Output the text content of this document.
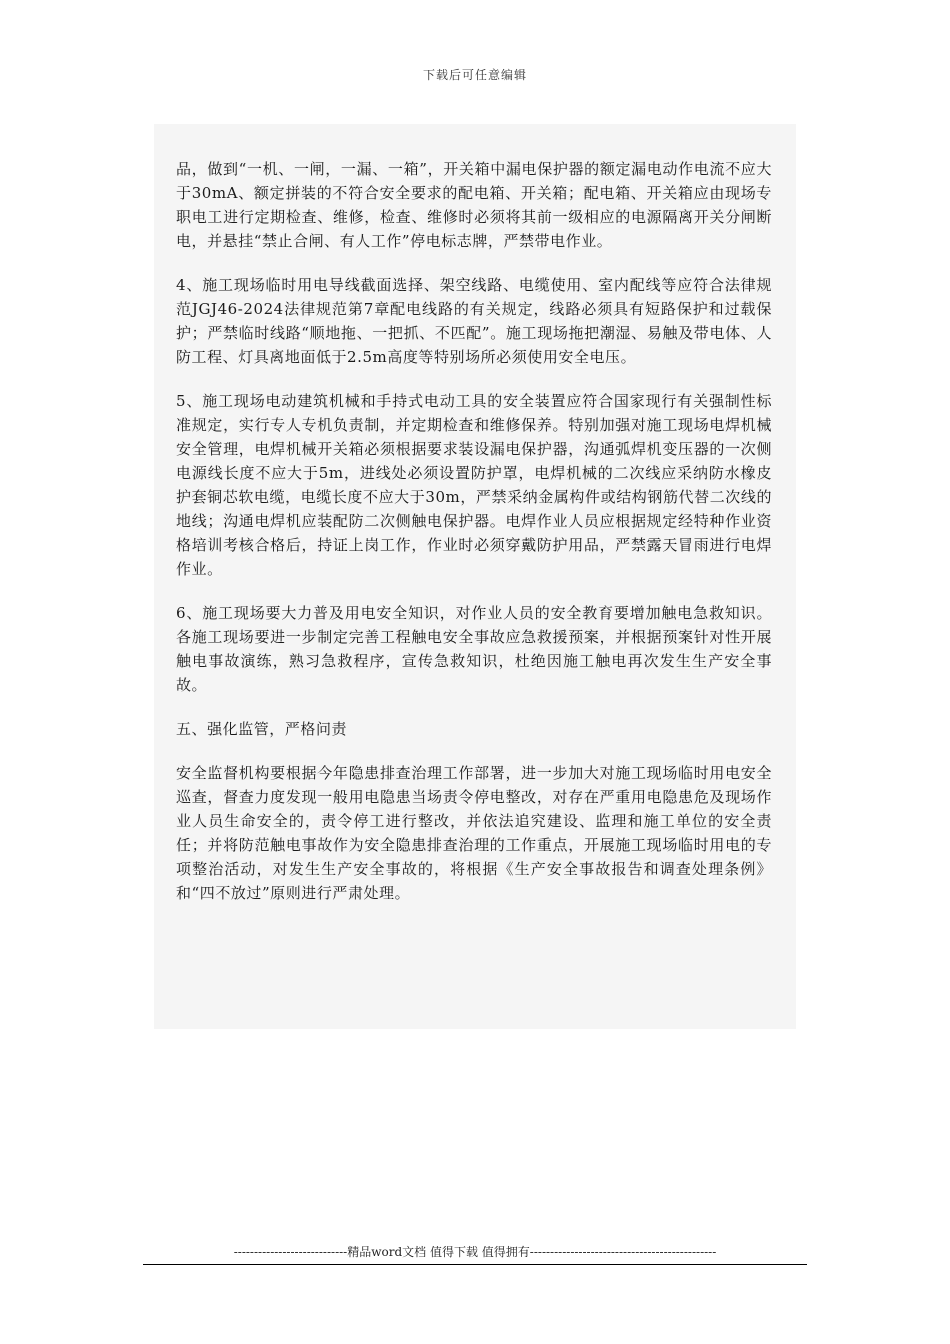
下载后可任意编辑

品，做到“一机、一闸，一漏、一箱”，开关箱中漏电保护器的额定漏电动作电流不应大于30mA、额定拼装的不符合安全要求的配电箱、开关箱；配电箱、开关箱应由现场专职电工进行定期检查、维修，检查、维修时必须将其前一级相应的电源隔离开关分闸断电，并悬挂“禁止合闸、有人工作”停电标志牌，严禁带电作业。

4、施工现场临时用电导线截面选择、架空线路、电缆使用、室内配线等应符合法律规范JGJ46-2024法律规范第7章配电线路的有关规定，线路必须具有短路保护和过载保护；严禁临时线路“顺地拖、一把抓、不匹配”。施工现场拖把潮湿、易触及带电体、人防工程、灯具离地面低于2.5m高度等特别场所必须使用安全电压。

5、施工现场电动建筑机械和手持式电动工具的安全装置应符合国家现行有关强制性标准规定，实行专人专机负责制，并定期检查和维修保养。特别加强对施工现场电焊机械安全管理，电焊机械开关箱必须根据要求装设漏电保护器，沟通弧焊机变压器的一次侧电源线长度不应大于5m，进线处必须设置防护罩，电焊机械的二次线应采纳防水橡皮护套铜芯软电缆，电缆长度不应大于30m，严禁采纳金属构件或结构钢筋代替二次线的地线；沟通电焊机应装配防二次侧触电保护器。电焊作业人员应根据规定经特种作业资格培训考核合格后，持证上岗工作，作业时必须穿戴防护用品，严禁露天冒雨进行电焊作业。

6、施工现场要大力普及用电安全知识，对作业人员的安全教育要增加触电急救知识。各施工现场要进一步制定完善工程触电安全事故应急救援预案，并根据预案针对性开展触电事故演练，熟习急救程序，宣传急救知识，杜绝因施工触电再次发生生产安全事故。

五、强化监管，严格问责

安全监督机构要根据今年隐患排查治理工作部署，进一步加大对施工现场临时用电安全巡查，督查力度发现一般用电隐患当场责令停电整改，对存在严重用电隐患危及现场作业人员生命安全的，责令停工进行整改，并依法追究建设、监理和施工单位的安全责任；并将防范触电事故作为安全隐患排查治理的工作重点，开展施工现场临时用电的专项整治活动，对发生生产安全事故的，将根据《生产安全事故报告和调查处理条例》和“四不放过”原则进行严肃处理。

----------------------------精品word文档 值得下载 值得拥有----------------------------------------------
